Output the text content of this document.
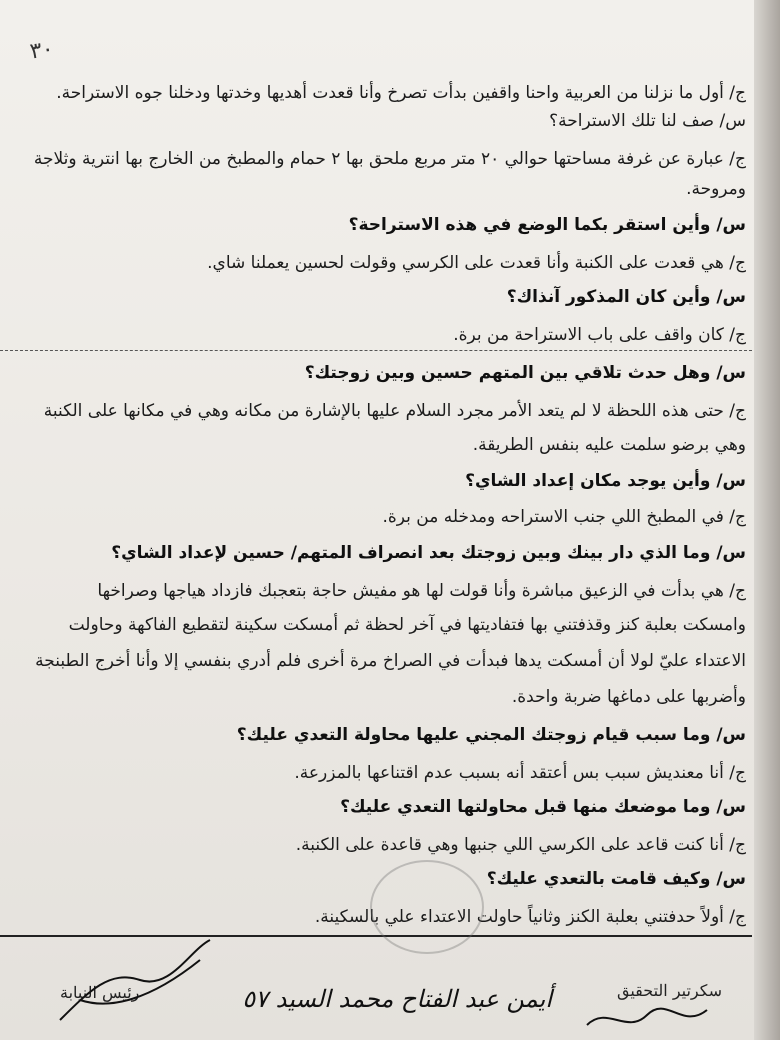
٣٠
ج/ أول ما نزلنا من العربية واحنا واقفين بدأت تصرخ وأنا قعدت أهديها وخدتها ودخلنا جوه الاستراحة.
س/ صف لنا تلك الاستراحة؟
ج/ عبارة عن غرفة مساحتها حوالي ٢٠ متر مربع ملحق بها ٢ حمام والمطبخ من الخارج بها انترية وثلاجة
ومروحة.
س/ وأين استقر بكما الوضع في هذه الاستراحة؟
ج/ هي قعدت على الكنبة وأنا قعدت على الكرسي وقولت لحسين يعملنا شاي.
س/ وأين كان المذكور آنذاك؟
ج/ كان واقف على باب الاستراحة من برة.
س/ وهل حدث تلاقي بين المتهم حسين وبين زوجتك؟
ج/ حتى هذه اللحظة لا لم يتعد الأمر مجرد السلام عليها بالإشارة من مكانه وهي في مكانها على الكنبة
وهي برضو سلمت عليه بنفس الطريقة.
س/ وأين يوجد مكان إعداد الشاي؟
ج/ في المطبخ اللي جنب الاستراحه ومدخله من برة.
س/ وما الذي دار بينك وبين زوجتك بعد انصراف المتهم/ حسين لإعداد الشاي؟
ج/ هي بدأت في الزعيق مباشرة وأنا قولت لها هو مفيش حاجة بتعجبك فازداد هياجها وصراخها
وامسكت بعلبة كنز وقذفتني بها فتفاديتها في آخر لحظة ثم أمسكت سكينة لتقطيع الفاكهة وحاولت
الاعتداء عليّ لولا أن أمسكت يدها فبدأت في الصراخ مرة أخرى فلم أدري بنفسي إلا وأنا أخرج الطبنجة
وأضربها على دماغها ضربة واحدة.
س/ وما سبب قيام زوجتك المجني عليها محاولة التعدي عليك؟
ج/ أنا معنديش سبب بس أعتقد أنه بسبب عدم اقتناعها بالمزرعة.
س/ وما موضعك منها قبل محاولتها التعدي عليك؟
ج/ أنا كنت قاعد على الكرسي اللي جنبها وهي قاعدة على الكنبة.
س/ وكيف قامت بالتعدي عليك؟
ج/ أولاً حدفتني بعلبة الكنز وثانياً حاولت الاعتداء علي بالسكينة.
سكرتير التحقيق
رئيس النيابة	أيمن عبد الفتاح محمد السيد ٥٧
